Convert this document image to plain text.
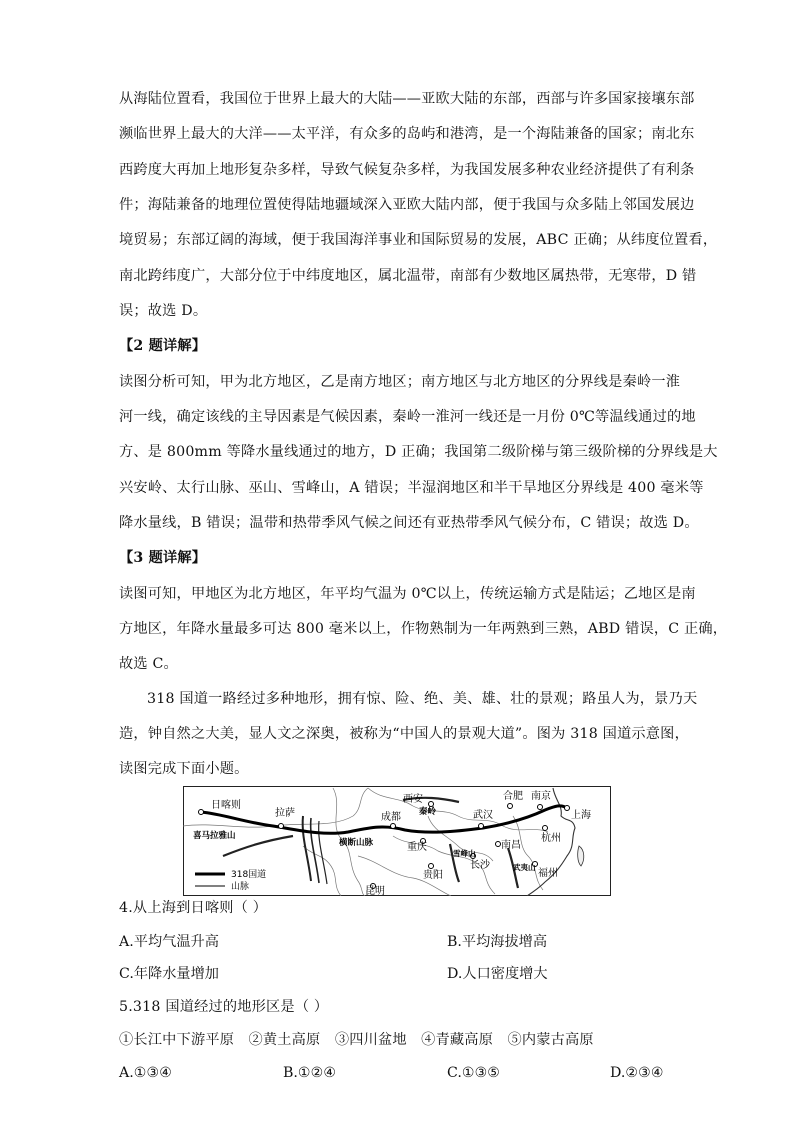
从海陆位置看，我国位于世界上最大的大陆——亚欧大陆的东部，西部与许多国家接壤东部
濒临世界上最大的大洋——太平洋，有众多的岛屿和港湾，是一个海陆兼备的国家；南北东
西跨度大再加上地形复杂多样，导致气候复杂多样，为我国发展多种农业经济提供了有利条
件；海陆兼备的地理位置使得陆地疆域深入亚欧大陆内部，便于我国与众多陆上邻国发展边
境贸易；东部辽阔的海域，便于我国海洋事业和国际贸易的发展，ABC 正确；从纬度位置看，
南北跨纬度广，大部分位于中纬度地区，属北温带，南部有少数地区属热带，无寒带，D 错
误；故选 D。
【2 题详解】
读图分析可知，甲为北方地区，乙是南方地区；南方地区与北方地区的分界线是秦岭一淮
河一线，确定该线的主导因素是气候因素，秦岭一淮河一线还是一月份 0℃等温线通过的地
方、是 800mm 等降水量线通过的地方，D 正确；我国第二级阶梯与第三级阶梯的分界线是大
兴安岭、太行山脉、巫山、雪峰山，A 错误；半湿润地区和半干旱地区分界线是 400 毫米等
降水量线，B 错误；温带和热带季风气候之间还有亚热带季风气候分布，C 错误；故选 D。
【3 题详解】
读图可知，甲地区为北方地区，年平均气温为 0℃以上，传统运输方式是陆运；乙地区是南
方地区，年降水量最多可达 800 毫米以上，作物熟制为一年两熟到三熟，ABD 错误，C 正确，
故选 C。
318 国道一路经过多种地形，拥有惊、险、绝、美、雄、壮的景观；路虽人为，景乃天
造，钟自然之大美，显人文之深奥，被称为“中国人的景观大道”。图为 318 国道示意图，
读图完成下面小题。
日喀则
拉萨
西安
成都
合肥 南京
武汉	上海
重庆
杭州
南昌
长沙
贵阳	福州
昆明
喜马拉雅山
横断山脉
秦岭
雪峰山
武夷山
318国道
山脉
4.从上海到日喀则（ ）
A.平均气温升高	B.平均海拔增高
C.年降水量增加	D.人口密度增大
5.318 国道经过的地形区是（ ）
①长江中下游平原　②黄土高原　③四川盆地　④青藏高原　⑤内蒙古高原
A.①③④	B.①②④	C.①③⑤	D.②③④
